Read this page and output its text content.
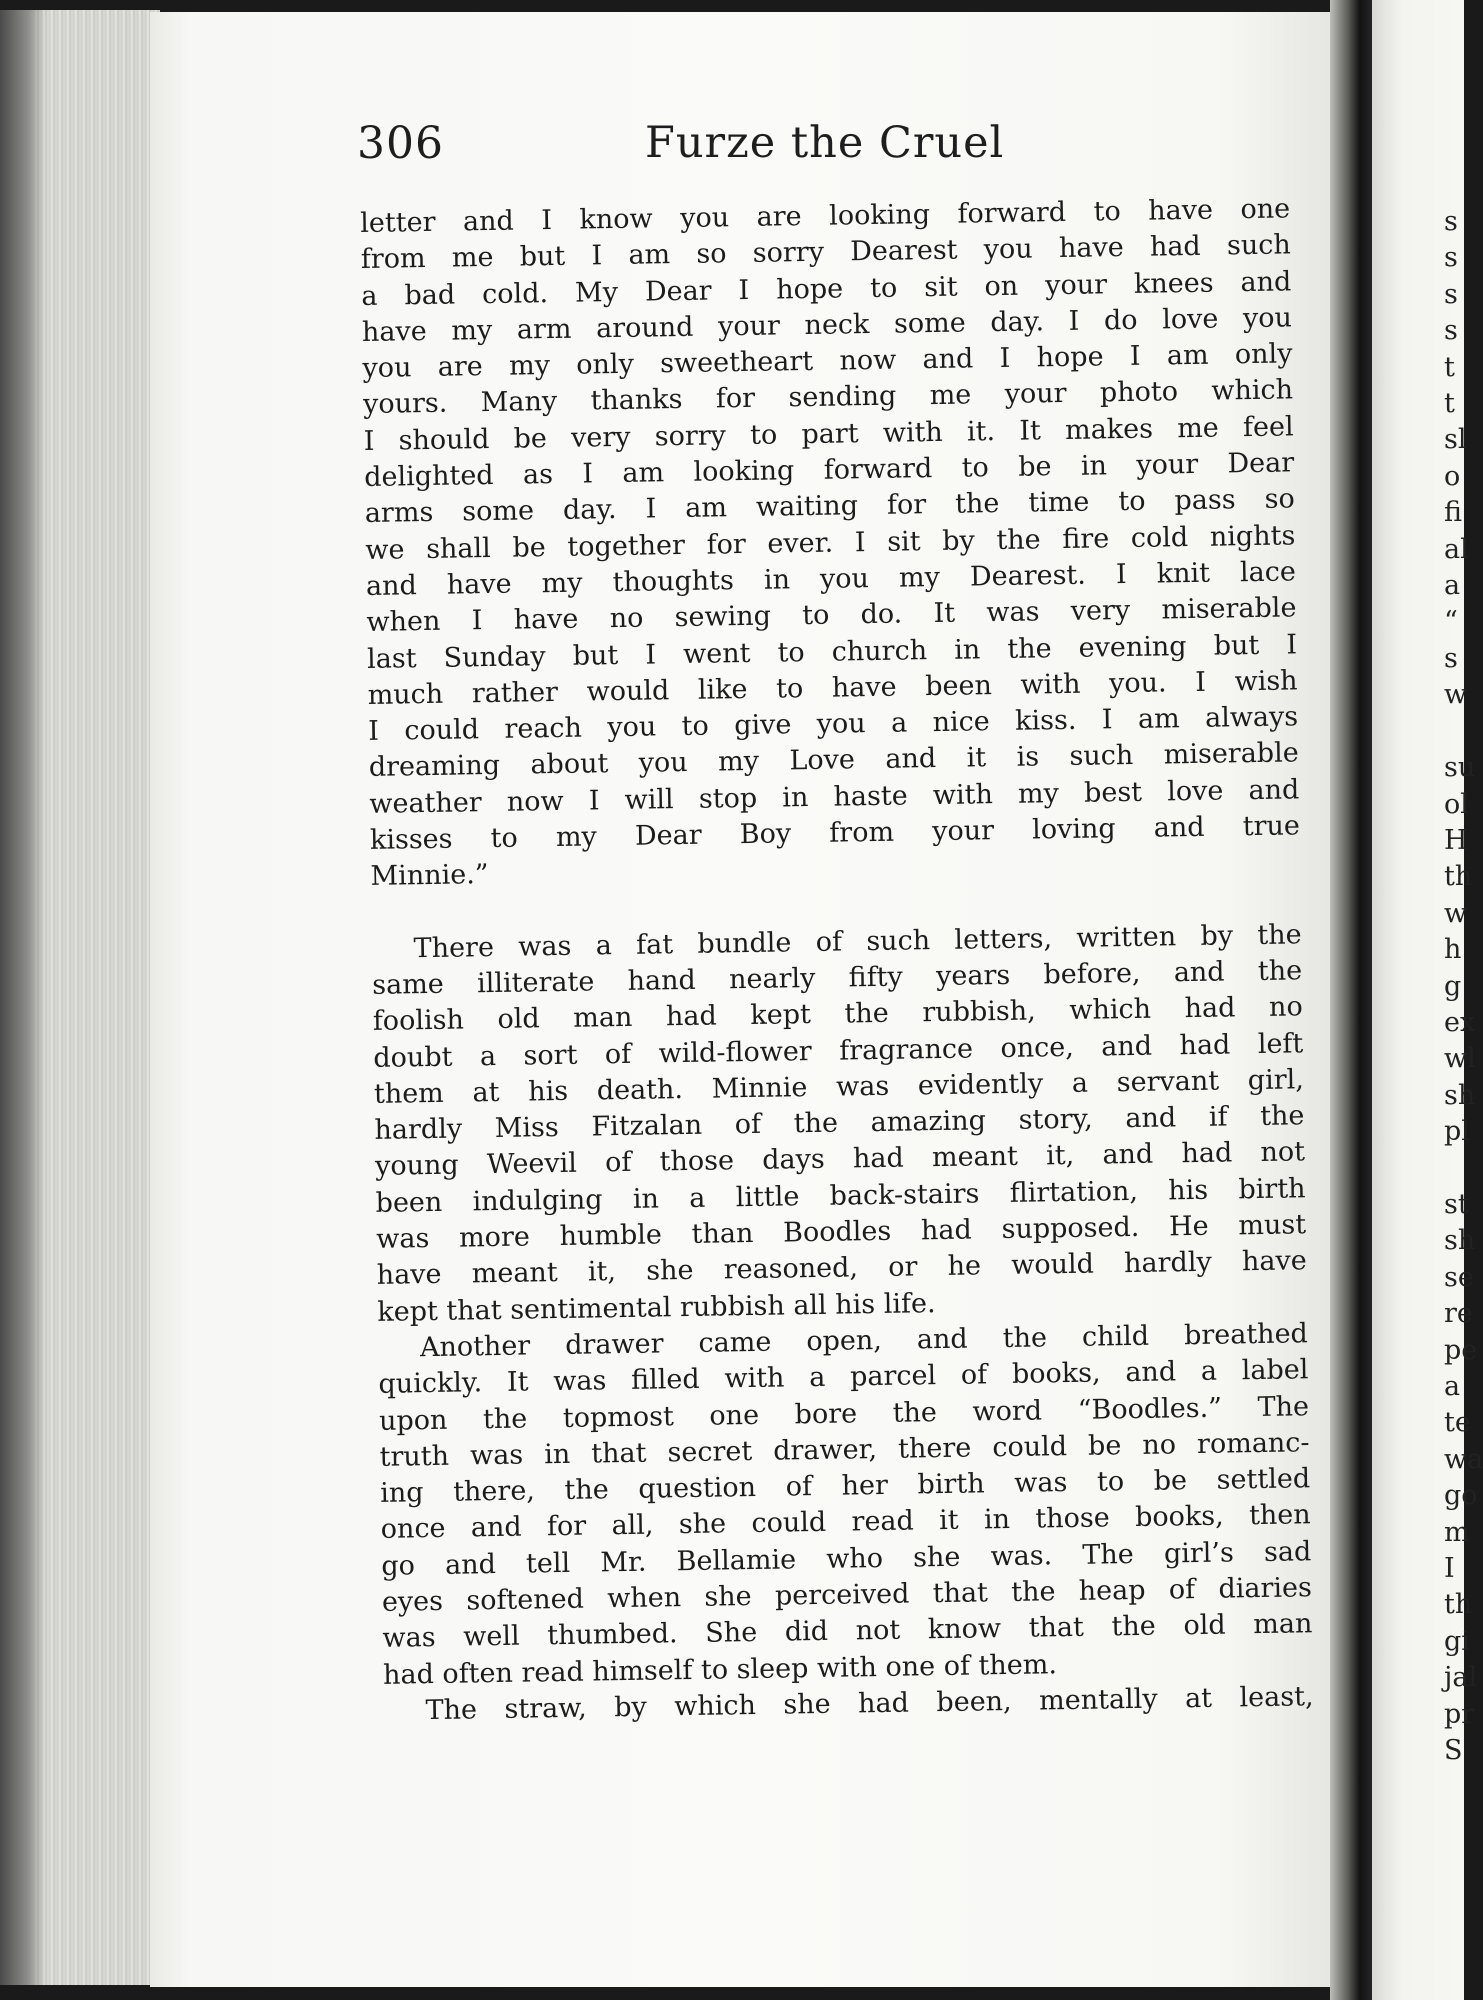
306	Furze the Cruel

letter and I know you are looking forward to have one
from me but I am so sorry Dearest you have had such
a bad cold. My Dear I hope to sit on your knees and
have my arm around your neck some day. I do love you
you are my only sweetheart now and I hope I am only
yours. Many thanks for sending me your photo which
I should be very sorry to part with it. It makes me feel
delighted as I am looking forward to be in your Dear
arms some day. I am waiting for the time to pass so
we shall be together for ever. I sit by the fire cold nights
and have my thoughts in you my Dearest. I knit lace
when I have no sewing to do. It was very miserable
last Sunday but I went to church in the evening but I
much rather would like to have been with you. I wish
I could reach you to give you a nice kiss. I am always
dreaming about you my Love and it is such miserable
weather now I will stop in haste with my best love and
kisses to my Dear Boy from your loving and true
Minnie.”

There was a fat bundle of such letters, written by the
same illiterate hand nearly fifty years before, and the
foolish old man had kept the rubbish, which had no
doubt a sort of wild-flower fragrance once, and had left
them at his death. Minnie was evidently a servant girl,
hardly Miss Fitzalan of the amazing story, and if the
young Weevil of those days had meant it, and had not
been indulging in a little back-stairs flirtation, his birth
was more humble than Boodles had supposed. He must
have meant it, she reasoned, or he would hardly have
kept that sentimental rubbish all his life.

Another drawer came open, and the child breathed
quickly. It was filled with a parcel of books, and a label
upon the topmost one bore the word “Boodles.” The
truth was in that secret drawer, there could be no romanc-
ing there, the question of her birth was to be settled
once and for all, she could read it in those books, then
go and tell Mr. Bellamie who she was. The girl’s sad
eyes softened when she perceived that the heap of diaries
was well thumbed. She did not know that the old man
had often read himself to sleep with one of them.

The straw, by which she had been, mentally at least,

s
s
s
s
t
t
sl
o
fi
al
a
“
s
w

su
ol
H
th
w
h
g
ex
wl
sh
pl

st
sh
se
re
pe
a
te
wa
go
m
I
th
gi
jal
pr
S
